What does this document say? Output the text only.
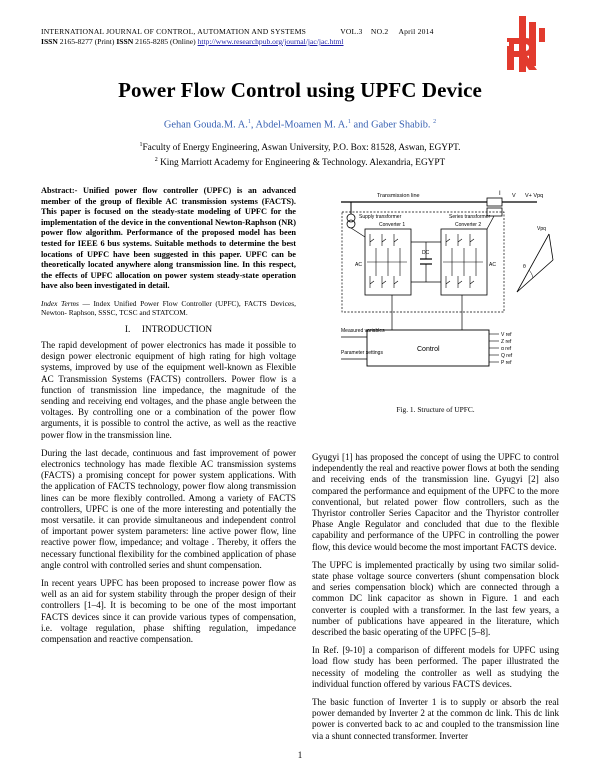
INTERNATIONAL JOURNAL OF CONTROL, AUTOMATION AND SYSTEMS	VOL.3 NO.2 April 2014
ISSN 2165-8277 (Print) ISSN 2165-8285 (Online) http://www.researchpub.org/journal/jac/jac.html
Power Flow Control using UPFC Device
Gehan Gouda.M. A.$^1$, Abdel-Moamen M. A.$^1$ and Gaber Shabib. $^2$
$^1$Faculty of Energy Engineering, Aswan University, P.O. Box: 81528, Aswan, EGYPT.
$^2$ King Marriott Academy for Engineering & Technology. Alexandria, EGYPT

Abstract:- Unified power flow controller (UPFC) is an advanced member of the group of flexible AC transmission systems (FACTS). This paper is focused on the steady-state modeling of UPFC for the implementation of the device in the conventional Newton-Raphson (NR) power flow algorithm. Performance of the proposed model has been tested for IEEE 6 bus systems. Suitable methods to determine the best locations of UPFC have been suggested in this paper. UPFC can be theoretically located anywhere along transmission line. In this respect, the effects of UPFC allocation on power system steady-state operation have also been investigated in detail.

Index Terms — Index Unified Power Flow Controller (UPFC), FACTS Devices, Newton- Raphson, SSSC, TCSC and STATCOM.

I. INTRODUCTION

The rapid development of power electronics has made it possible to design power electronic equipment of high rating for high voltage systems, improved by use of the equipment well-known as Flexible AC Transmission Systems (FACTS) controllers. Power flow is a function of transmission line impedance, the magnitude of the sending and receiving end voltages, and the phase angle between the voltages. By controlling one or a combination of the power flow arguments, it is possible to control the active, as well as the reactive power flow in the transmission line.

During the last decade, continuous and fast improvement of power electronics technology has made flexible AC transmission systems (FACTS) a promising concept for power system applications. With the application of FACTS technology, power flow along transmission lines can be more flexibly controlled. Among a variety of FACTS controllers, UPFC is one of the more interesting and potentially the most versatile. it can provide simultaneous and independent control of important power system parameters: line active power flow, line reactive power flow, impedance; and voltage . Thereby, it offers the necessary functional flexibility for the combined application of phase angle control with controlled series and shunt compensation.

In recent years UPFC has been proposed to increase power flow as well as an aid for system stability through the proper design of their controllers [1–4]. It is becoming to be one of the most important FACTS devices since it can provide various types of compensation, i.e. voltage regulation, phase shifting regulation, impedance compensation and reactive compensation.

Transmission line	I V V+ Vpq
Supply transformer	Series transformer
Converter 1	Converter 2
AC
DC
AC
Vpq
θ
Measured variables
Parameter settings	Control
V ref
Z ref
α ref
Q ref
P ref
Fig. 1. Structure of UPFC.

Gyugyi [1] has proposed the concept of using the UPFC to control independently the real and reactive power flows at both the sending and receiving ends of the transmission line. Gyugyi [2] also compared the performance and equipment of the UPFC to the more conventional, but related power flow controllers, such as the Thyristor controller Series Capacitor and the Thyristor controller Phase Angle Regulator and concluded that due to the flexible capability and performance of the UPFC in controlling the power flow, this device would become the most important FACTS device.

The UPFC is implemented practically by using two similar solid-state phase voltage source converters (shunt compensation block and series compensation block) which are connected through a common DC link capacitor as shown in Figure. 1 and each converter is coupled with a transformer. In the last few years, a number of publications have appeared in the literature, which described the basic operating of the UPFC [5–8].

In Ref. [9-10] a comparison of different models for UPFC using load flow study has been performed. The paper illustrated the necessity of modeling the controller as well as studying the individual function offered by various FACTS devices.

The basic function of Inverter 1 is to supply or absorb the real power demanded by Inverter 2 at the common dc link. This dc link power is converted back to ac and coupled to the transmission line via a shunt connected transformer. Inverter

1
